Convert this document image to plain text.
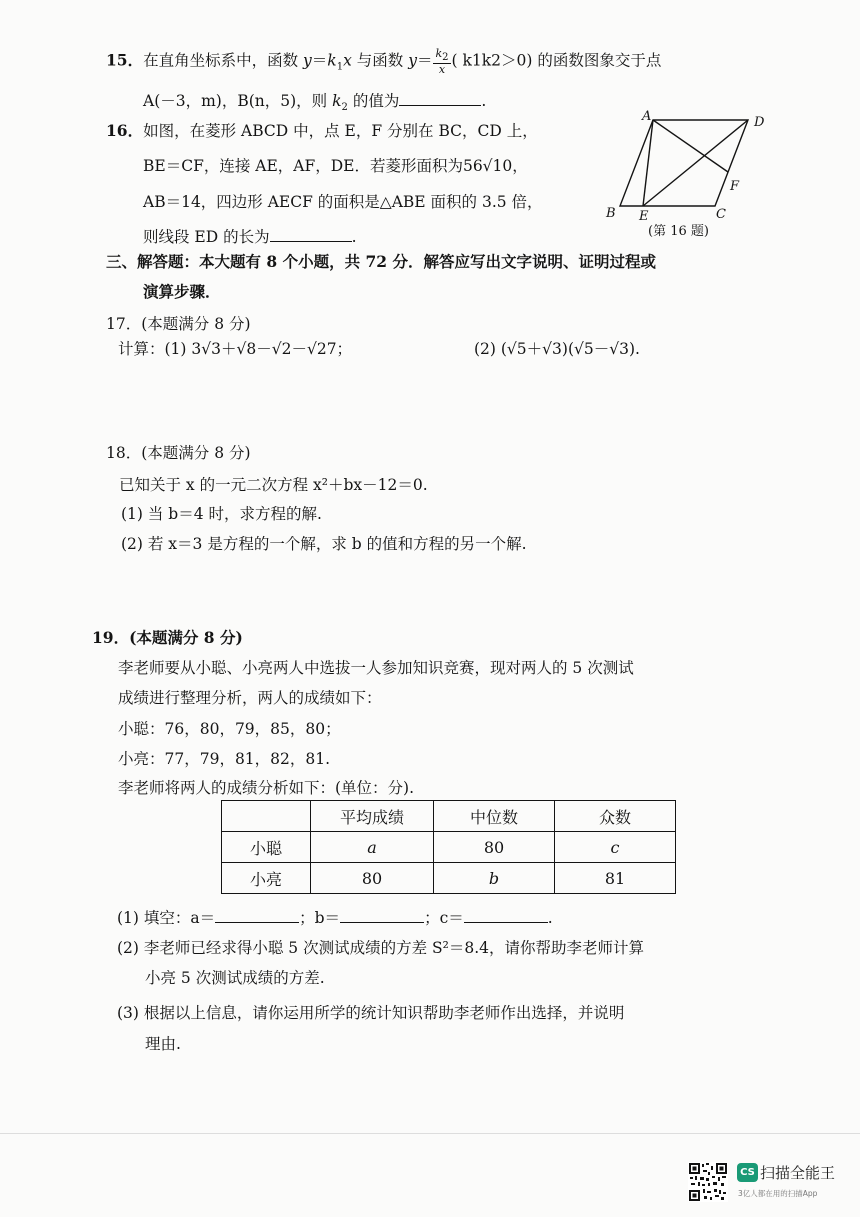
15．在直角坐标系中，函数 $y=k_1x$ 与函数 $y= \frac{k_2}{x}$ ( k1k2＞0) 的函数图象交于点
A(－3，m)，B(n，5)，则 $k_2$ 的值为	.
16．如图，在菱形 ABCD 中，点 E，F 分别在 BC，CD 上，
BE＝CF，连接 AE，AF，DE．若菱形面积为56√10，
AB＝14，四边形 AECF 的面积是△ABE 面积的 3.5 倍，
则线段 ED 的长为	.
A	D
B E	C
F
(第 16 题)
三、解答题：本大题有 8 个小题，共 72 分．解答应写出文字说明、证明过程或
演算步骤．
17．(本题满分 8 分)
计算：(1) 3√3＋√8－√2－√27；	(2) (√5＋√3)(√5－√3).
18．(本题满分 8 分)
已知关于 x 的一元二次方程 x²＋bx－12＝0.
(1) 当 b＝4 时，求方程的解.
(2) 若 x＝3 是方程的一个解，求 b 的值和方程的另一个解.
19．(本题满分 8 分)
李老师要从小聪、小亮两人中选拔一人参加知识竞赛，现对两人的 5 次测试
成绩进行整理分析，两人的成绩如下：
小聪：76，80，79，85，80；
小亮：77，79，81，82，81.
李老师将两人的成绩分析如下：(单位：分).
	平均成绩	中位数	众数
小聪	a	80	c
小亮	80	b	81
(1) 填空：a＝	；b＝	；c＝	.
(2) 李老师已经求得小聪 5 次测试成绩的方差 S²＝8.4，请你帮助李老师计算
小亮 5 次测试成绩的方差.
(3) 根据以上信息，请你运用所学的统计知识帮助李老师作出选择，并说明
理由.
CS 扫描全能王
3亿人都在用的扫描App
